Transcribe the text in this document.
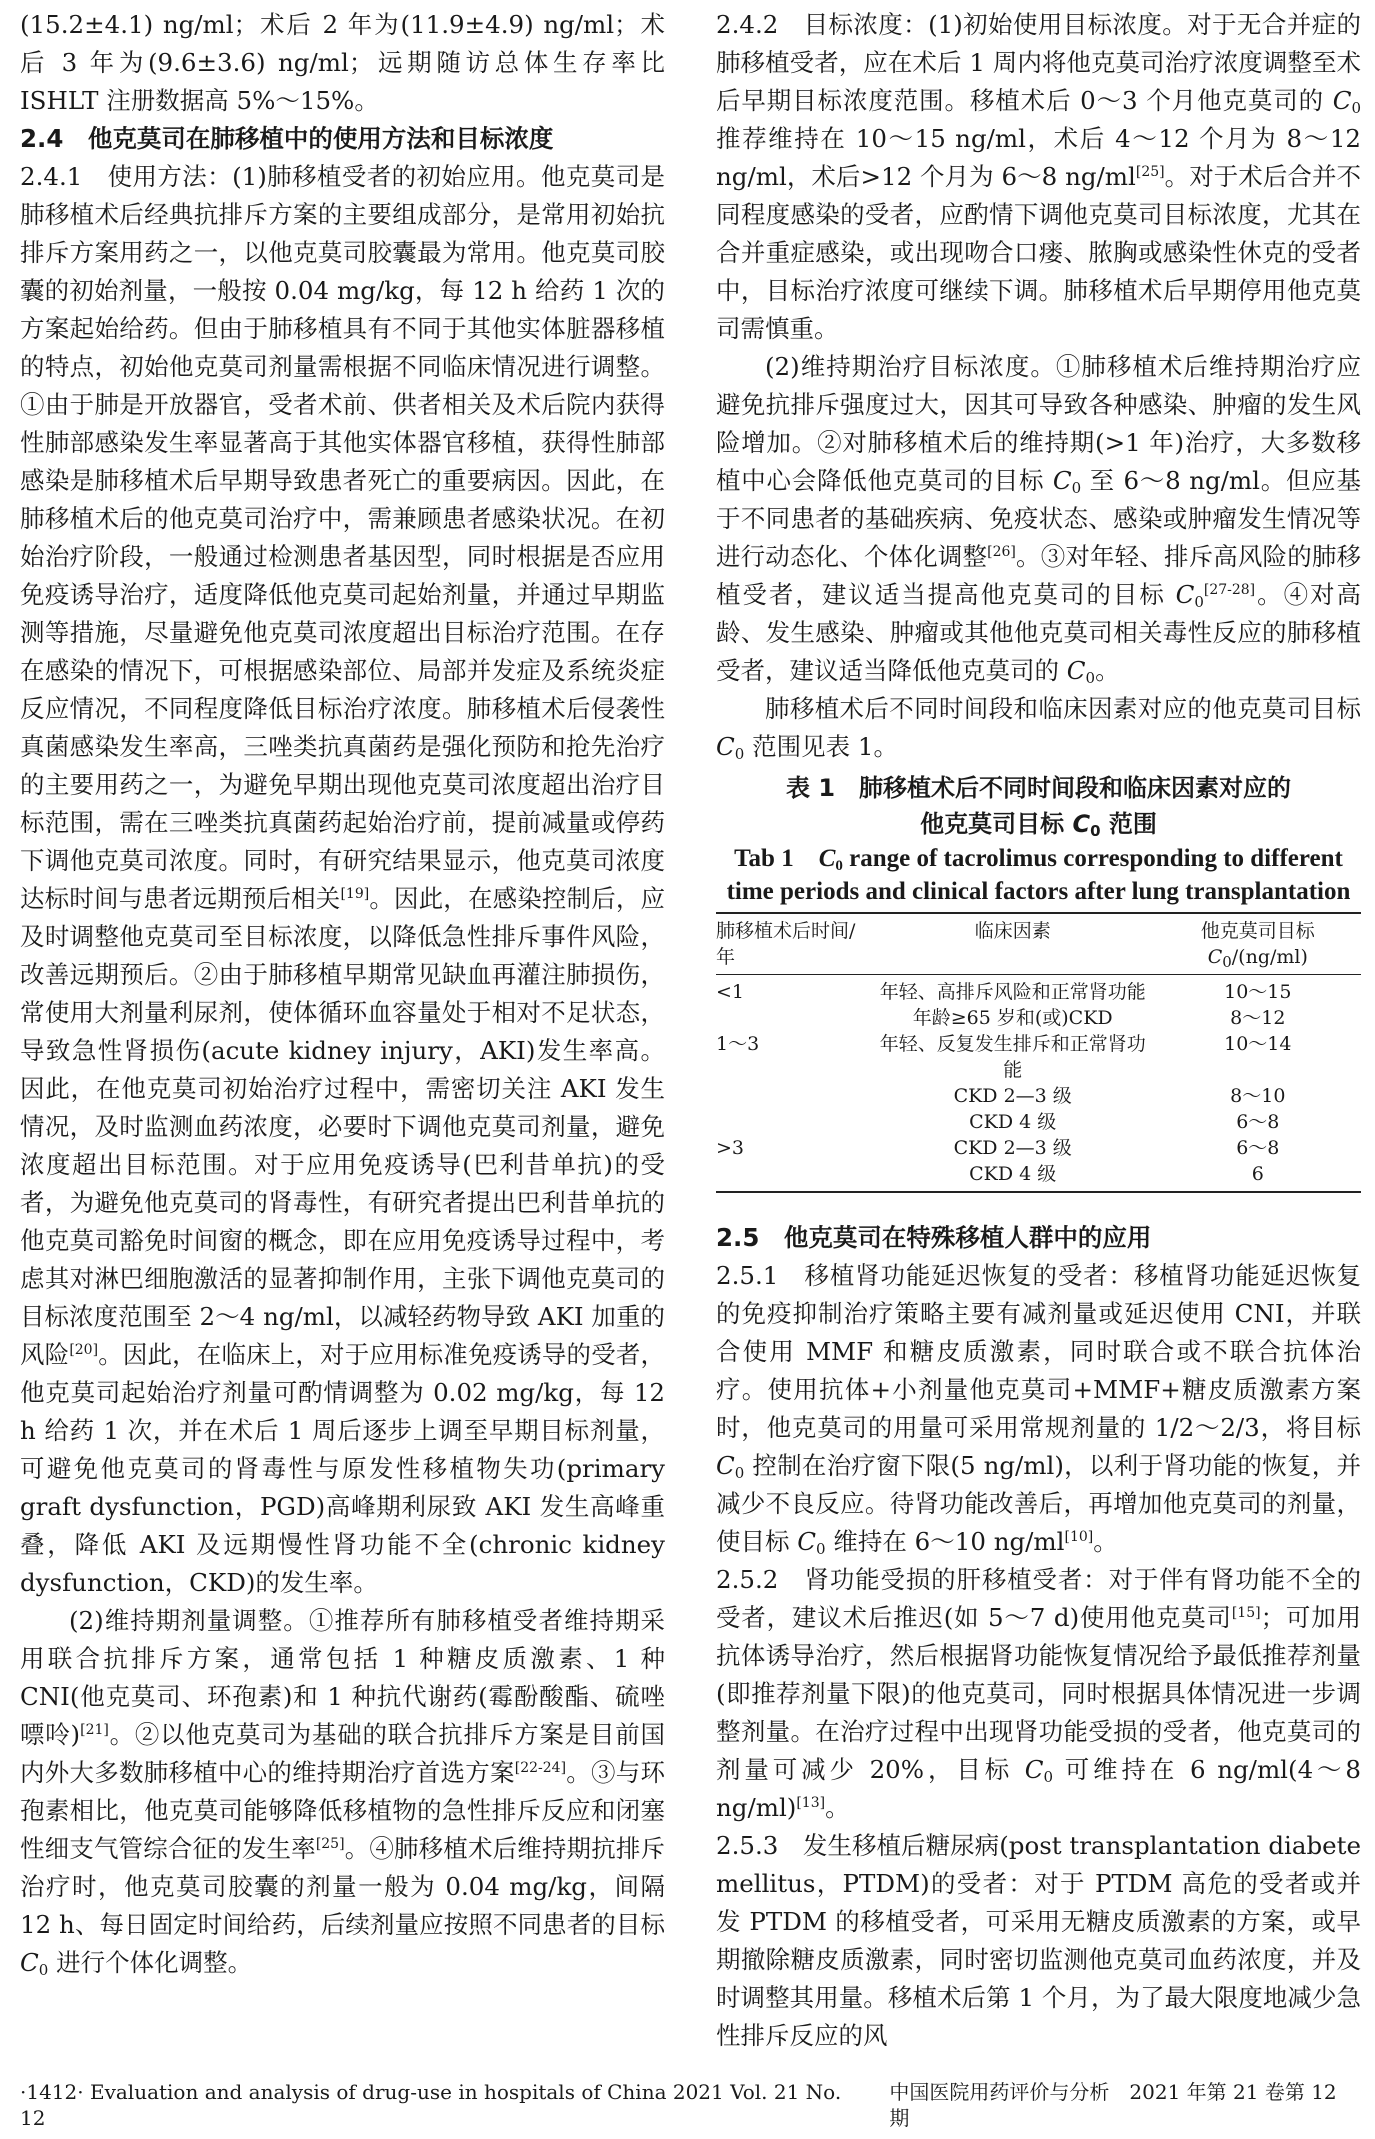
(15.2±4.1) ng/ml；术后 2 年为(11.9±4.9) ng/ml；术后 3 年为(9.6±3.6) ng/ml；远期随访总体生存率比 ISHLT 注册数据高 5%～15%。

2.4　他克莫司在肺移植中的使用方法和目标浓度

2.4.1　使用方法：(1)肺移植受者的初始应用。他克莫司是肺移植术后经典抗排斥方案的主要组成部分，是常用初始抗排斥方案用药之一，以他克莫司胶囊最为常用。他克莫司胶囊的初始剂量，一般按 0.04 mg/kg，每 12 h 给药 1 次的方案起始给药。但由于肺移植具有不同于其他实体脏器移植的特点，初始他克莫司剂量需根据不同临床情况进行调整。①由于肺是开放器官，受者术前、供者相关及术后院内获得性肺部感染发生率显著高于其他实体器官移植，获得性肺部感染是肺移植术后早期导致患者死亡的重要病因。因此，在肺移植术后的他克莫司治疗中，需兼顾患者感染状况。在初始治疗阶段，一般通过检测患者基因型，同时根据是否应用免疫诱导治疗，适度降低他克莫司起始剂量，并通过早期监测等措施，尽量避免他克莫司浓度超出目标治疗范围。在存在感染的情况下，可根据感染部位、局部并发症及系统炎症反应情况，不同程度降低目标治疗浓度。肺移植术后侵袭性真菌感染发生率高，三唑类抗真菌药是强化预防和抢先治疗的主要用药之一，为避免早期出现他克莫司浓度超出治疗目标范围，需在三唑类抗真菌药起始治疗前，提前减量或停药下调他克莫司浓度。同时，有研究结果显示，他克莫司浓度达标时间与患者远期预后相关[19]。因此，在感染控制后，应及时调整他克莫司至目标浓度，以降低急性排斥事件风险，改善远期预后。②由于肺移植早期常见缺血再灌注肺损伤，常使用大剂量利尿剂，使体循环血容量处于相对不足状态，导致急性肾损伤(acute kidney injury，AKI)发生率高。因此，在他克莫司初始治疗过程中，需密切关注 AKI 发生情况，及时监测血药浓度，必要时下调他克莫司剂量，避免浓度超出目标范围。对于应用免疫诱导(巴利昔单抗)的受者，为避免他克莫司的肾毒性，有研究者提出巴利昔单抗的他克莫司豁免时间窗的概念，即在应用免疫诱导过程中，考虑其对淋巴细胞激活的显著抑制作用，主张下调他克莫司的目标浓度范围至 2～4 ng/ml，以减轻药物导致 AKI 加重的风险[20]。因此，在临床上，对于应用标准免疫诱导的受者，他克莫司起始治疗剂量可酌情调整为 0.02 mg/kg，每 12 h 给药 1 次，并在术后 1 周后逐步上调至早期目标剂量，可避免他克莫司的肾毒性与原发性移植物失功(primary graft dysfunction，PGD)高峰期利尿致 AKI 发生高峰重叠，降低 AKI 及远期慢性肾功能不全(chronic kidney dysfunction，CKD)的发生率。

(2)维持期剂量调整。①推荐所有肺移植受者维持期采用联合抗排斥方案，通常包括 1 种糖皮质激素、1 种 CNI(他克莫司、环孢素)和 1 种抗代谢药(霉酚酸酯、硫唑嘌呤)[21]。②以他克莫司为基础的联合抗排斥方案是目前国内外大多数肺移植中心的维持期治疗首选方案[22-24]。③与环孢素相比，他克莫司能够降低移植物的急性排斥反应和闭塞性细支气管综合征的发生率[25]。④肺移植术后维持期抗排斥治疗时，他克莫司胶囊的剂量一般为 0.04 mg/kg，间隔 12 h、每日固定时间给药，后续剂量应按照不同患者的目标 $C_0$ 进行个体化调整。

2.4.2　目标浓度：(1)初始使用目标浓度。对于无合并症的肺移植受者，应在术后 1 周内将他克莫司治疗浓度调整至术后早期目标浓度范围。移植术后 0～3 个月他克莫司的 $C_0$ 推荐维持在 10～15 ng/ml，术后 4～12 个月为 8～12 ng/ml，术后>12 个月为 6～8 ng/ml[25]。对于术后合并不同程度感染的受者，应酌情下调他克莫司目标浓度，尤其在合并重症感染，或出现吻合口瘘、脓胸或感染性休克的受者中，目标治疗浓度可继续下调。肺移植术后早期停用他克莫司需慎重。

(2)维持期治疗目标浓度。①肺移植术后维持期治疗应避免抗排斥强度过大，因其可导致各种感染、肿瘤的发生风险增加。②对肺移植术后的维持期(>1 年)治疗，大多数移植中心会降低他克莫司的目标 $C_0$ 至 6～8 ng/ml。但应基于不同患者的基础疾病、免疫状态、感染或肿瘤发生情况等进行动态化、个体化调整[26]。③对年轻、排斥高风险的肺移植受者，建议适当提高他克莫司的目标 $C_0[27-28]$。④对高龄、发生感染、肿瘤或其他他克莫司相关毒性反应的肺移植受者，建议适当降低他克莫司的 $C_0$。

肺移植术后不同时间段和临床因素对应的他克莫司目标 $C_0$ 范围见表 1。

表 1　肺移植术后不同时间段和临床因素对应的
他克莫司目标 $C_0$ 范围
Tab 1　$C_0$ range of tacrolimus corresponding to different time periods and clinical factors after lung transplantation
肺移植术后时间/年	临床因素	他克莫司目标 $C_0/(ng/ml)$
<1	年轻、高排斥风险和正常肾功能	10～15
	年龄≥65 岁和(或)CKD	8～12
1～3	年轻、反复发生排斥和正常肾功能	10～14
	CKD 2—3 级	8～10
	CKD 4 级	6～8
>3	CKD 2—3 级	6～8
	CKD 4 级	6
2.5　他克莫司在特殊移植人群中的应用

2.5.1　移植肾功能延迟恢复的受者：移植肾功能延迟恢复的免疫抑制治疗策略主要有减剂量或延迟使用 CNI，并联合使用 MMF 和糖皮质激素，同时联合或不联合抗体治疗。使用抗体+小剂量他克莫司+MMF+糖皮质激素方案时，他克莫司的用量可采用常规剂量的 1/2～2/3，将目标 $C_0$ 控制在治疗窗下限(5 ng/ml)，以利于肾功能的恢复，并减少不良反应。待肾功能改善后，再增加他克莫司的剂量，使目标 $C_0$ 维持在 6～10 ng/ml[10]。

2.5.2　肾功能受损的肝移植受者：对于伴有肾功能不全的受者，建议术后推迟(如 5～7 d)使用他克莫司[15]；可加用抗体诱导治疗，然后根据肾功能恢复情况给予最低推荐剂量(即推荐剂量下限)的他克莫司，同时根据具体情况进一步调整剂量。在治疗过程中出现肾功能受损的受者，他克莫司的剂量可减少 20%，目标 $C_0$ 可维持在 6 ng/ml(4～8 ng/ml)[13]。

2.5.3　发生移植后糖尿病(post transplantation diabete mellitus，PTDM)的受者：对于 PTDM 高危的受者或并发 PTDM 的移植受者，可采用无糖皮质激素的方案，或早期撤除糖皮质激素，同时密切监测他克莫司血药浓度，并及时调整其用量。移植术后第 1 个月，为了最大限度地减少急性排斥反应的风

·1412· Evaluation and analysis of drug-use in hospitals of China 2021 Vol. 21 No. 12
中国医院用药评价与分析　2021 年第 21 卷第 12 期
